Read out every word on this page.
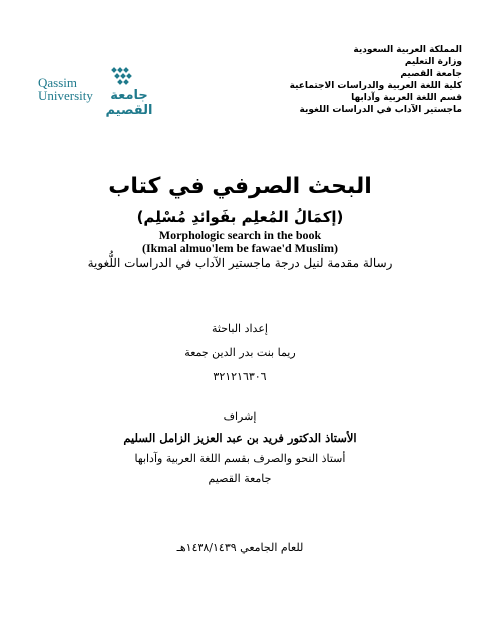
المملكة العربية السعودية
وزارة التعليم
جامعة القصيم
كلية اللغة العربية والدراسات الاجتماعية
قسم اللغة العربية وآدابها
ماجستير الآداب في الدراسات اللغوية
Qassim
University	جامعة القصيم
البحث الصرفي في كتاب
(إكمَالُ المُعلِم بفَوائدِ مُسْلِم)
Morphologic search in the book
(Ikmal almuo'lem be fawae'd Muslim)
رسالة مقدمة لنيل درجة ماجستير الآداب في الدراسات اللُّغوية
إعداد الباحثة
ريما بنت بدر الدين جمعة
٣٢١٢١٦٣٠٦
إشراف
الأستاذ الدكتور فريد بن عبد العزيز الزامل السليم
أستاذ النحو والصرف بقسم اللغة العربية وآدابها
جامعة القصيم
للعام الجامعي ١٤٣٨/١٤٣٩هـ
